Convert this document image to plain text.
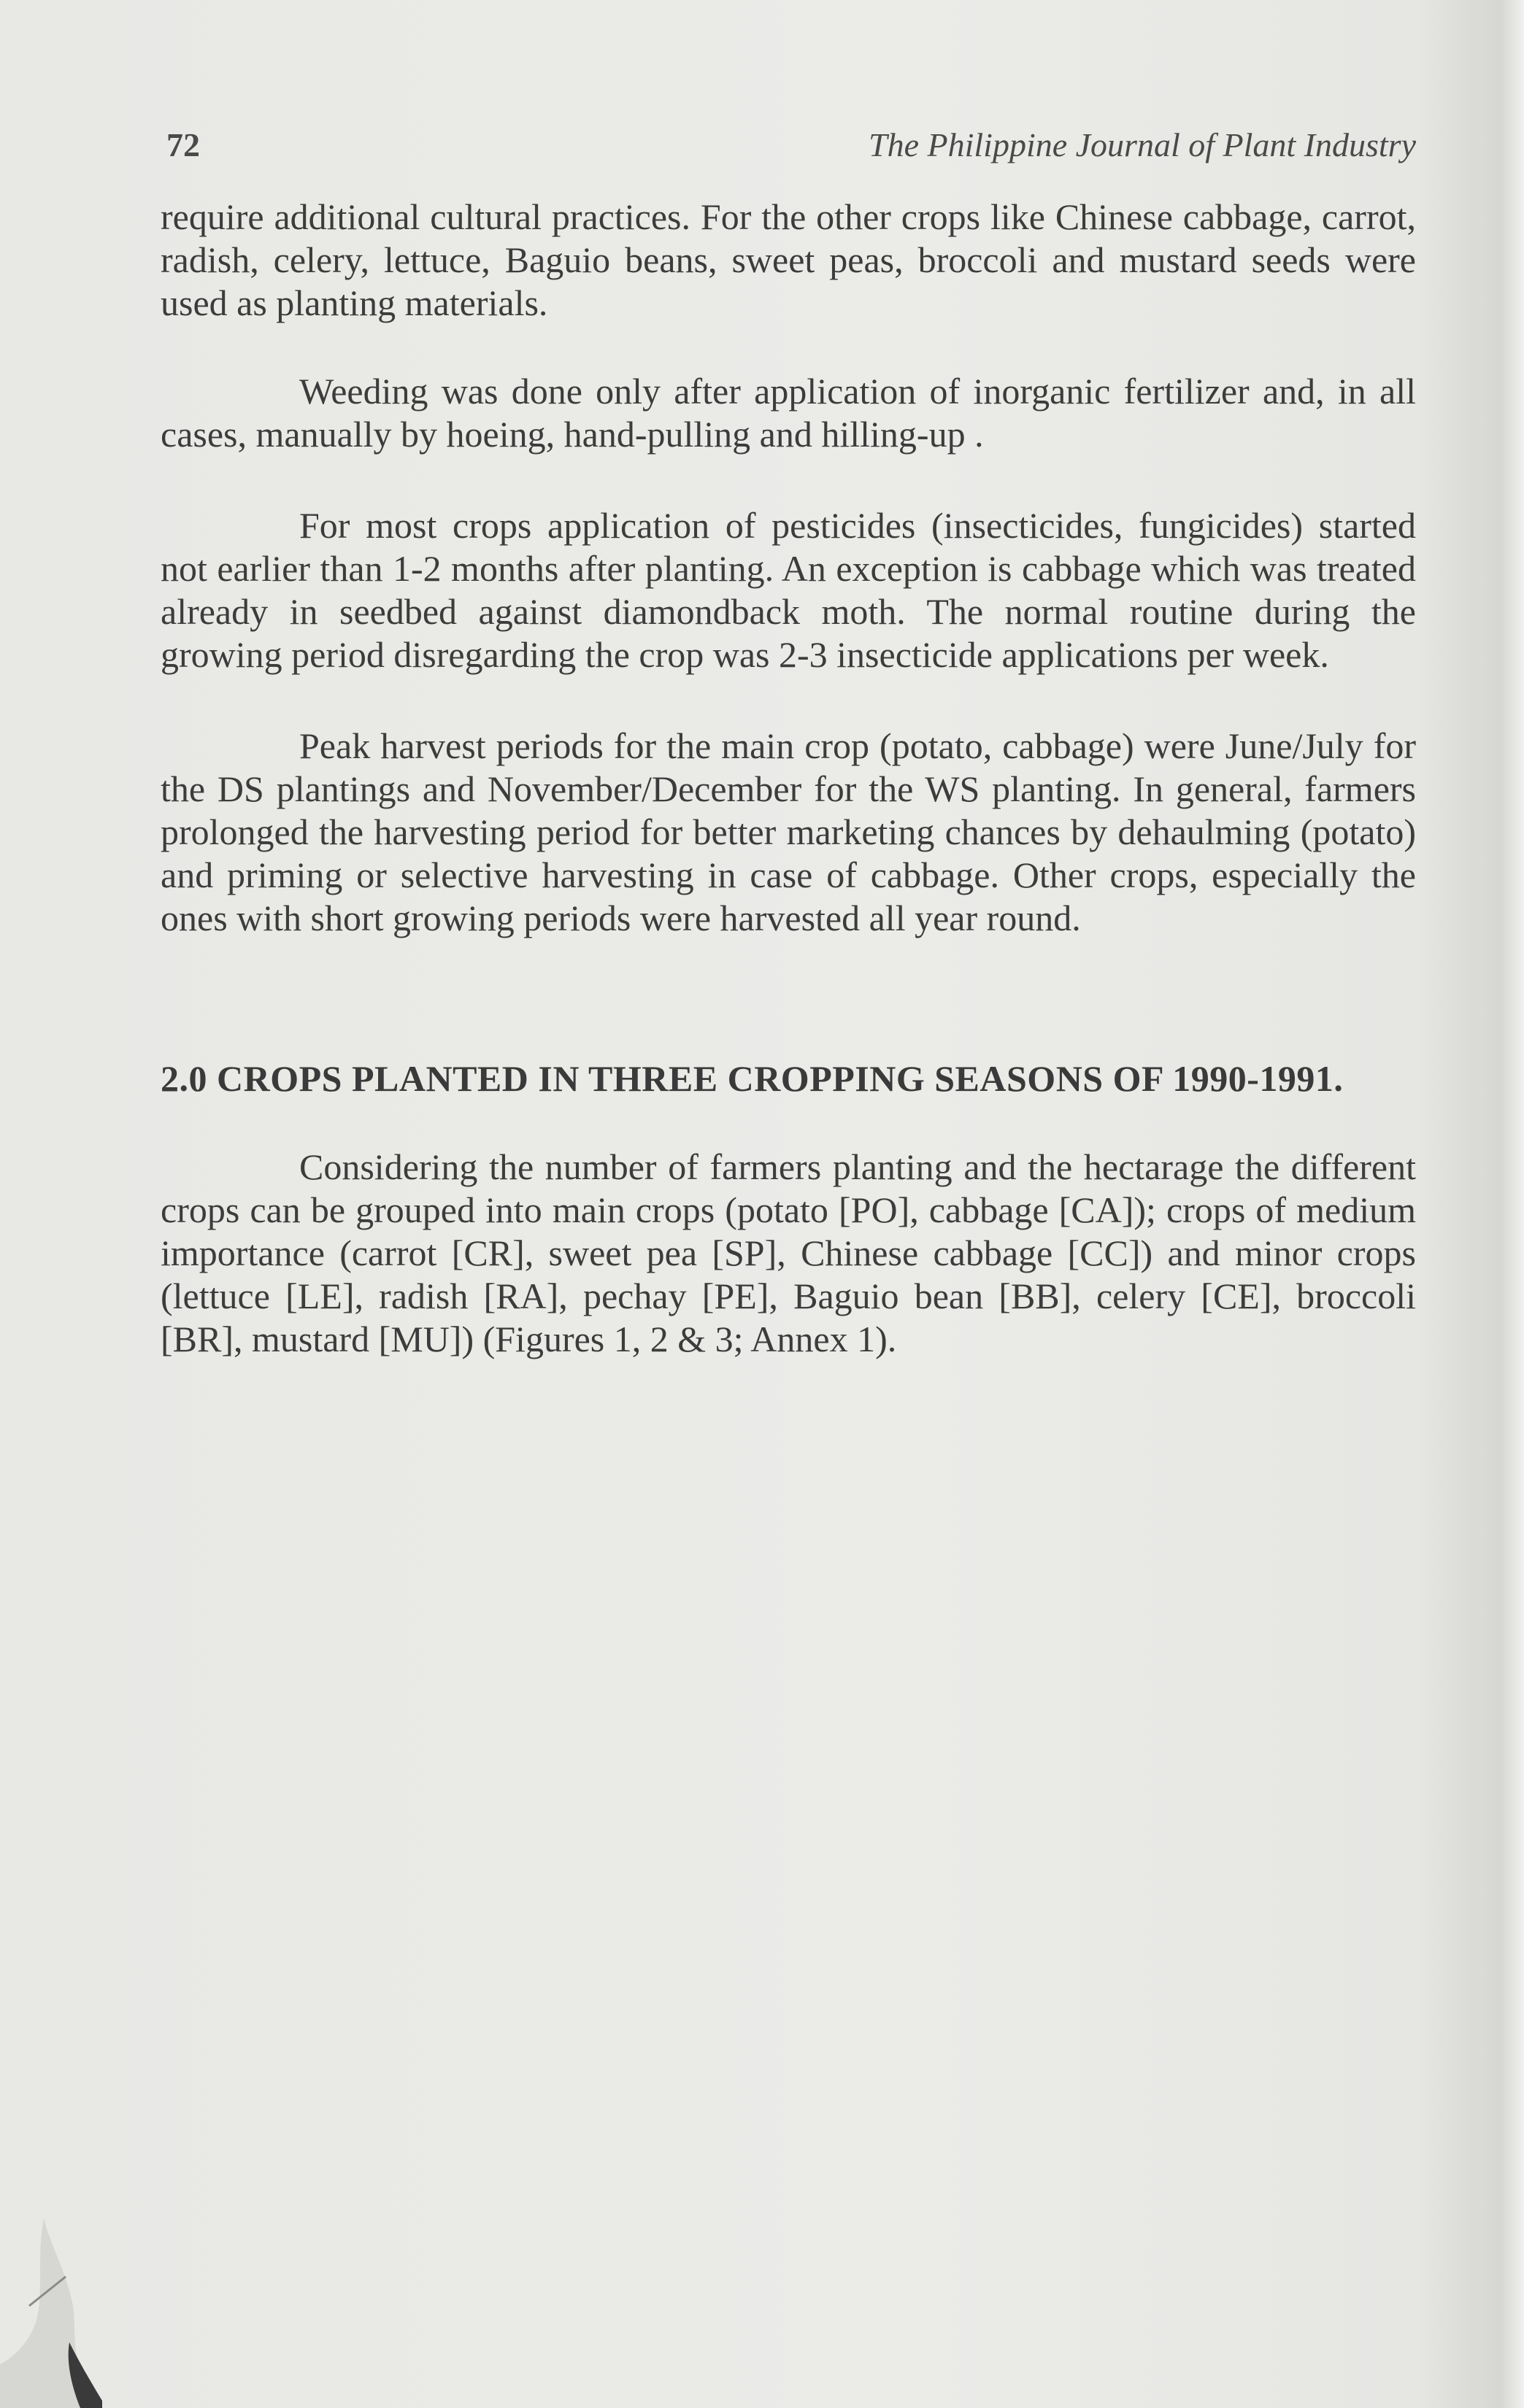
72	The Philippine Journal of Plant Industry

require additional cultural practices. For the other crops like Chinese cabbage, carrot, radish, celery, lettuce, Baguio beans, sweet peas, broccoli and mustard seeds were used as planting materials.

Weeding was done only after application of inorganic fertilizer and, in all cases, manually by hoeing, hand-pulling and hilling-up .

For most crops application of pesticides (insecticides, fungicides) started not earlier than 1-2 months after planting. An exception is cabbage which was treated already in seedbed against diamondback moth. The normal routine during the growing period disregarding the crop was 2-3 insecticide applications per week.

Peak harvest periods for the main crop (potato, cabbage) were June/July for the DS plantings and November/December for the WS planting. In general, farmers prolonged the harvesting period for better marketing chances by dehaulming (potato) and priming or selective harvesting in case of cabbage. Other crops, especially the ones with short growing periods were harvested all year round.

2.0 CROPS PLANTED IN THREE CROPPING SEASONS OF 1990-1991.

Considering the number of farmers planting and the hectarage the different crops can be grouped into main crops (potato [PO], cabbage [CA]); crops of medium importance (carrot [CR], sweet pea [SP], Chinese cabbage [CC]) and minor crops (lettuce [LE], radish [RA], pechay [PE], Baguio bean [BB], celery [CE], broccoli [BR], mustard [MU]) (Figures 1, 2 & 3; Annex 1).
